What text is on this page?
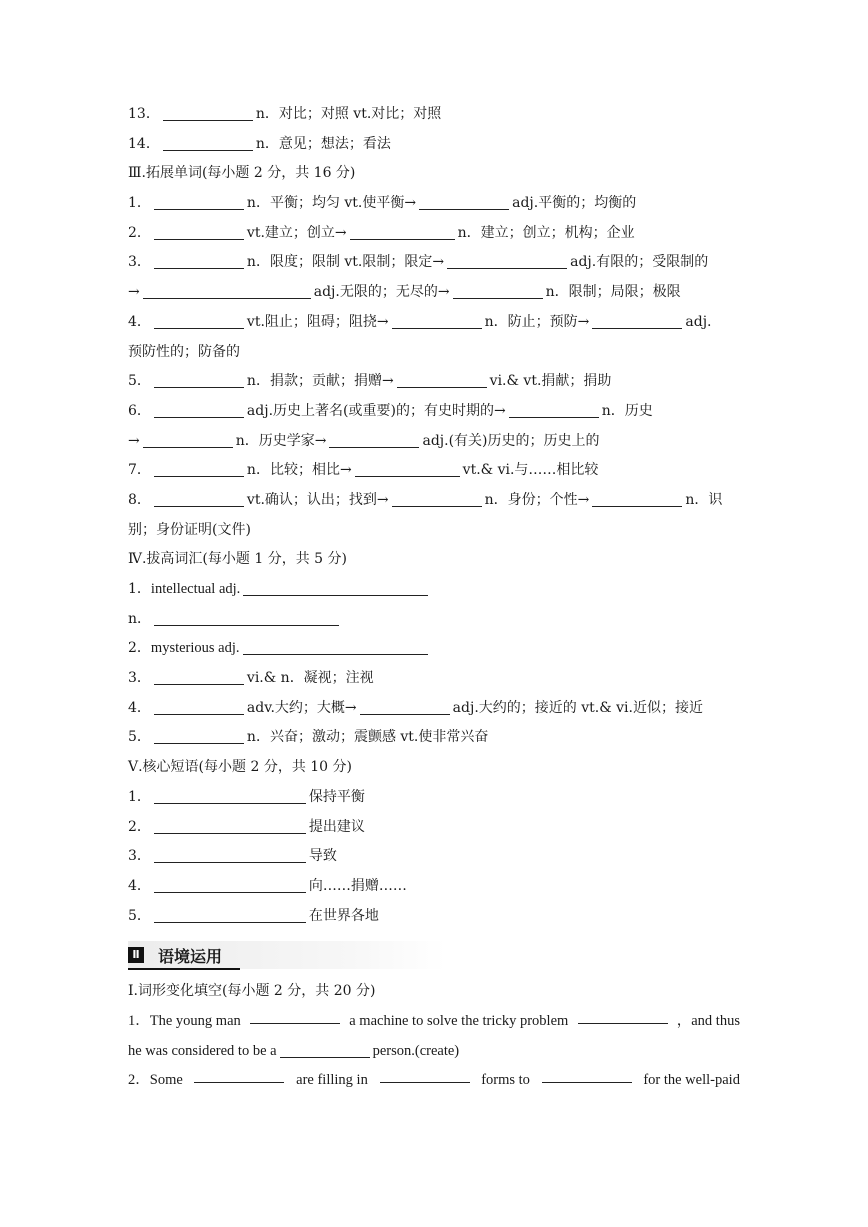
13．	n．对比；对照 vt.对比；对照
14．	n．意见；想法；看法
Ⅲ.拓展单词(每小题 2 分，共 16 分)
1．	n．平衡；均匀 vt.使平衡→	adj.平衡的；均衡的
2．	vt.建立；创立→	n．建立；创立；机构；企业
3．	n．限度；限制 vt.限制；限定→	adj.有限的；受限制的
→	adj.无限的；无尽的→	n．限制；局限；极限
4．	vt.阻止；阻碍；阻挠→	n．防止；预防→	adj.
预防性的；防备的
5．	n．捐款；贡献；捐赠→	vi.& vt.捐献；捐助
6．	adj.历史上著名(或重要)的；有史时期的→	n．历史
→	n．历史学家→	adj.(有关)历史的；历史上的
7．	n．比较；相比→	vt.& vi.与……相比较
8．	vt.确认；认出；找到→	n．身份；个性→	n．识
别；身份证明(文件)
Ⅳ.拔高词汇(每小题 1 分，共 5 分)
1．intellectual adj.
n．
2．mysterious adj.
3．	vi.& n．凝视；注视
4．	adv.大约；大概→	adj.大约的；接近的 vt.& vi.近似；接近
5．	n．兴奋；激动；震颤感 vt.使非常兴奋
Ⅴ.核心短语(每小题 2 分，共 10 分)
1．	保持平衡
2．	提出建议
3．	导致
4．	向……捐赠……
5．	在世界各地
Ⅱ 语境运用
Ⅰ.词形变化填空(每小题 2 分，共 20 分)
1．The young man	a machine to solve the tricky problem	，and thus
he was considered to be a	person.(create)
2．Some	are filling in	forms to	for the well-paid
